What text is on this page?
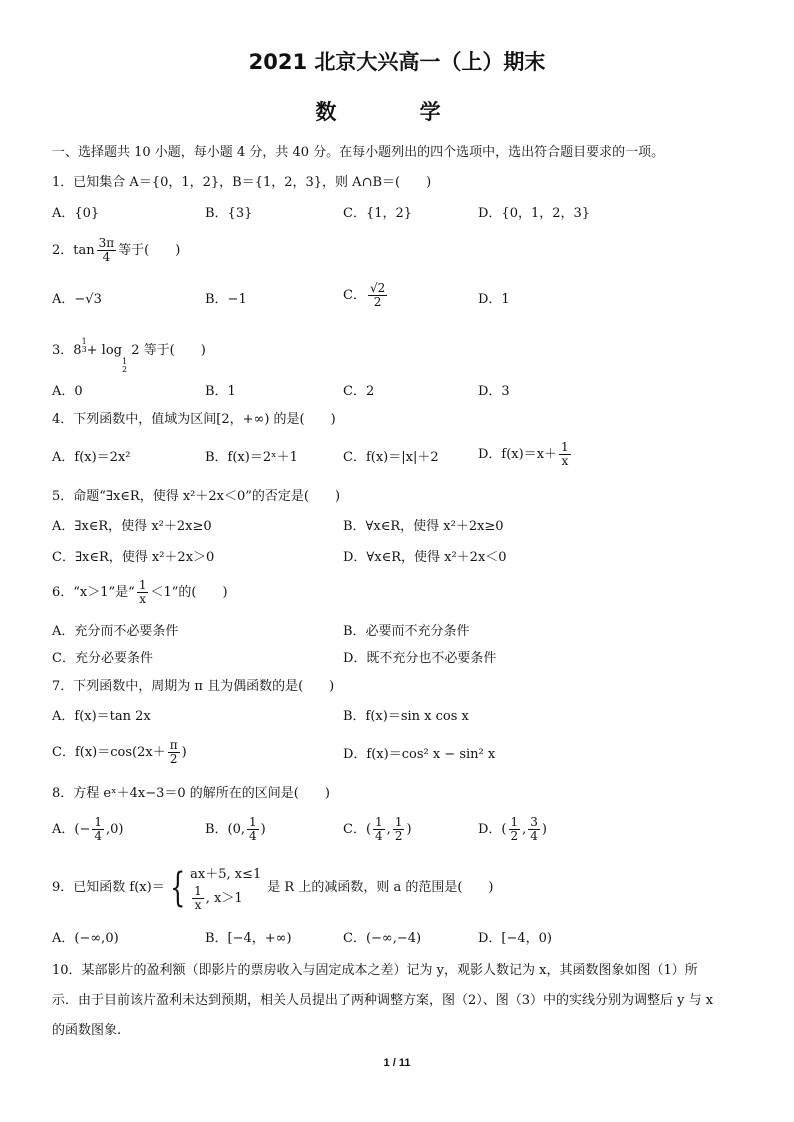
2021 北京大兴高一（上）期末
数 学
一、选择题共 10 小题，每小题 4 分，共 40 分。在每小题列出的四个选项中，选出符合题目要求的一项。
1．已知集合 A＝{0，1，2}，B＝{1，2，3}，则 A∩B＝(　　)
A．{0}	B．{3}	C．{1，2}	D．{0，1，2，3}
2．$\tan \frac{3\pi}{4}$ 等于(　　)
A．−√3	B．−1	C． $\frac{√2}{2}$	D．1
3．8
$^{1 3}$ + log
$_{1 2}$
2 等于(　　)
A．0	B．1	C．2	D．3
4．下列函数中，值域为区间[2，+∞) 的是(　　)
A．f(x)＝2x²	B．f(x)＝2ˣ＋1	C．f(x)＝|x|＋2	D．$f(x)=x+ \frac{1}{x}$
5．命题“∃x∈R，使得 x²＋2x＜0”的否定是(　　)
A．∃x∈R，使得 x²＋2x≥0	B．∀x∈R，使得 x²＋2x≥0
C．∃x∈R，使得 x²＋2x＞0	D．∀x∈R，使得 x²＋2x＜0
6．“x＞1”是“ $\frac{1}{x} <1$”的(　　)
A．充分而不必要条件	B．必要而不充分条件
C．充分必要条件	D．既不充分也不必要条件
7．下列函数中，周期为 π 且为偶函数的是(　　)
A．f(x)＝tan 2x	B．f(x)＝sin x cos x
C．$f(x)=\cos(2x+ \frac{\pi}{2}$ )	D．f(x)＝cos² x − sin² x
8．方程 eˣ＋4x−3＝0 的解所在的区间是(　　)
A．(− $\frac{1}{4} ,0$)	B．(0, $\frac{1}{4}$ )	C．( $\frac{1}{4}$ , $\frac{1}{2}$ )	D．( $\frac{1}{2}$ , $\frac{3}{4}$ )
9．已知函数 f(x)＝ { ax＋5, x≤1
$\frac{1}{x}$ , x＞1
是 R 上的减函数，则 a 的范围是(　　)
A．(−∞,0)	B．[−4，+∞)	C．(−∞,−4)	D．[−4，0)
10．某部影片的盈利额（即影片的票房收入与固定成本之差）记为 y，观影人数记为 x，其函数图象如图（1）所
示．由于目前该片盈利未达到预期，相关人员提出了两种调整方案，图（2）、图（3）中的实线分别为调整后 y 与 x
的函数图象.
1 / 11
